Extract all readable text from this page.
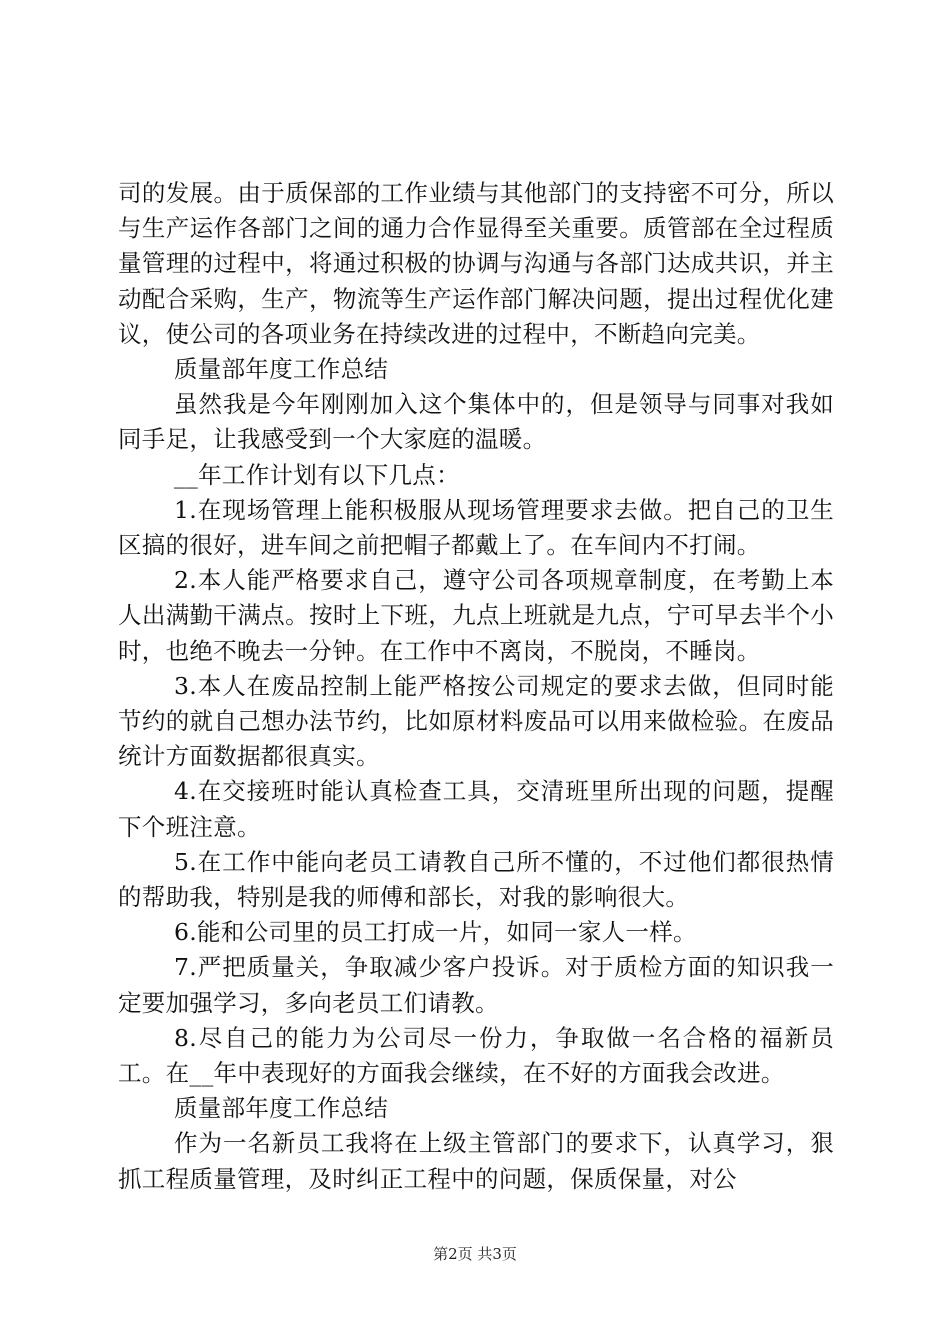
司的发展。由于质保部的工作业绩与其他部门的支持密不可分，所以与生产运作各部门之间的通力合作显得至关重要。质管部在全过程质量管理的过程中，将通过积极的协调与沟通与各部门达成共识，并主动配合采购，生产，物流等生产运作部门解决问题，提出过程优化建议，使公司的各项业务在持续改进的过程中，不断趋向完美。

质量部年度工作总结

虽然我是今年刚刚加入这个集体中的，但是领导与同事对我如同手足，让我感受到一个大家庭的温暖。

__年工作计划有以下几点：

1.在现场管理上能积极服从现场管理要求去做。把自己的卫生区搞的很好，进车间之前把帽子都戴上了。在车间内不打闹。

2.本人能严格要求自己，遵守公司各项规章制度，在考勤上本人出满勤干满点。按时上下班，九点上班就是九点，宁可早去半个小时，也绝不晚去一分钟。在工作中不离岗，不脱岗，不睡岗。

3.本人在废品控制上能严格按公司规定的要求去做，但同时能节约的就自己想办法节约，比如原材料废品可以用来做检验。在废品统计方面数据都很真实。

4.在交接班时能认真检查工具，交清班里所出现的问题，提醒下个班注意。

5.在工作中能向老员工请教自己所不懂的，不过他们都很热情的帮助我，特别是我的师傅和部长，对我的影响很大。

6.能和公司里的员工打成一片，如同一家人一样。

7.严把质量关，争取减少客户投诉。对于质检方面的知识我一定要加强学习，多向老员工们请教。

8.尽自己的能力为公司尽一份力，争取做一名合格的福新员工。在__年中表现好的方面我会继续，在不好的方面我会改进。

质量部年度工作总结

作为一名新员工我将在上级主管部门的要求下，认真学习，狠抓工程质量管理，及时纠正工程中的问题，保质保量，对公

第2页 共3页
